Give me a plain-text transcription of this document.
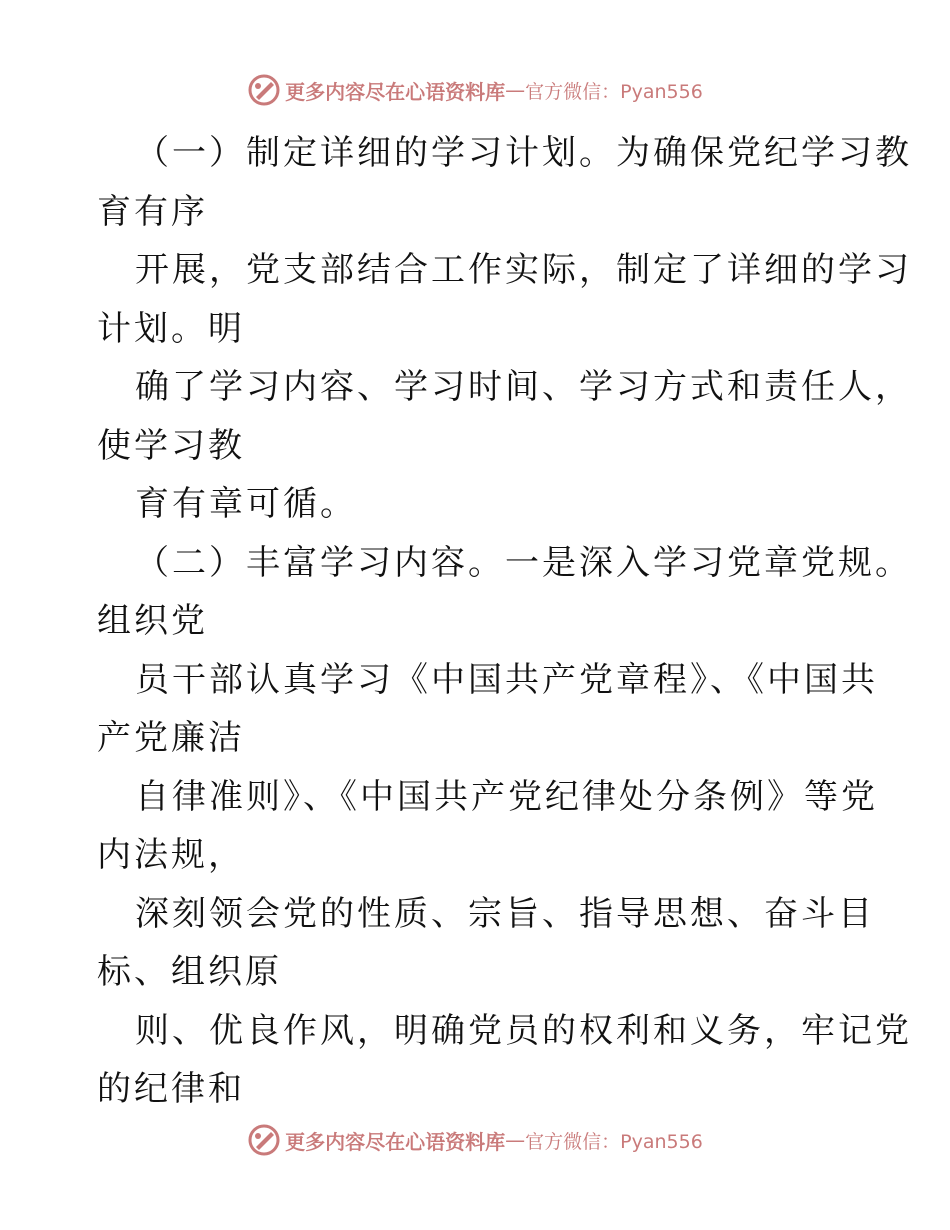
更多内容尽在心语资料库 — 官方微信：Pyan556
（一）制定详细的学习计划。为确保党纪学习教
育有序
开展，党支部结合工作实际，制定了详细的学习
计划。明
确了学习内容、学习时间、学习方式和责任人，
使学习教
育有章可循。
（二）丰富学习内容。一是深入学习党章党规。
组织党
员干部认真学习《中国共产党章程》、《中国共
产党廉洁
自律准则》、《中国共产党纪律处分条例》等党
内法规，
深刻领会党的性质、宗旨、指导思想、奋斗目
标、组织原
则、优良作风，明确党员的权利和义务，牢记党
的纪律和
更多内容尽在心语资料库 — 官方微信：Pyan556
